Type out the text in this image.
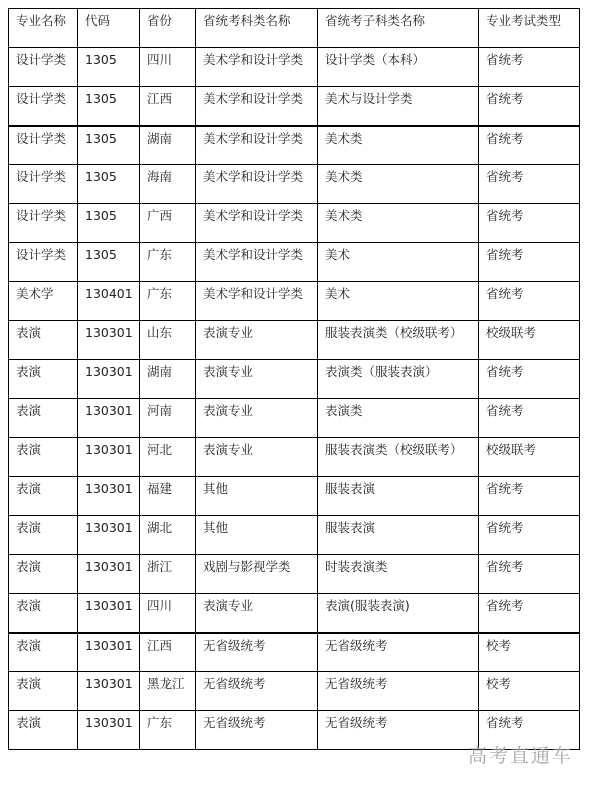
专业名称	代码	省份	省统考科类名称	省统考子科类名称	专业考试类型
设计学类	1305	四川	美术学和设计学类	设计学类（本科）	省统考
设计学类	1305	江西	美术学和设计学类	美术与设计学类	省统考
设计学类	1305	湖南	美术学和设计学类	美术类	省统考
设计学类	1305	海南	美术学和设计学类	美术类	省统考
设计学类	1305	广西	美术学和设计学类	美术类	省统考
设计学类	1305	广东	美术学和设计学类	美术	省统考
美术学	130401	广东	美术学和设计学类	美术	省统考
表演	130301	山东	表演专业	服装表演类（校级联考）	校级联考
表演	130301	湖南	表演专业	表演类（服装表演）	省统考
表演	130301	河南	表演专业	表演类	省统考
表演	130301	河北	表演专业	服装表演类（校级联考）	校级联考
表演	130301	福建	其他	服装表演	省统考
表演	130301	湖北	其他	服装表演	省统考
表演	130301	浙江	戏剧与影视学类	时装表演类	省统考
表演	130301	四川	表演专业	表演(服装表演)	省统考
表演	130301	江西	无省级统考	无省级统考	校考
表演	130301	黑龙江	无省级统考	无省级统考	校考
表演	130301	广东	无省级统考	无省级统考	省统考
高考直通车
